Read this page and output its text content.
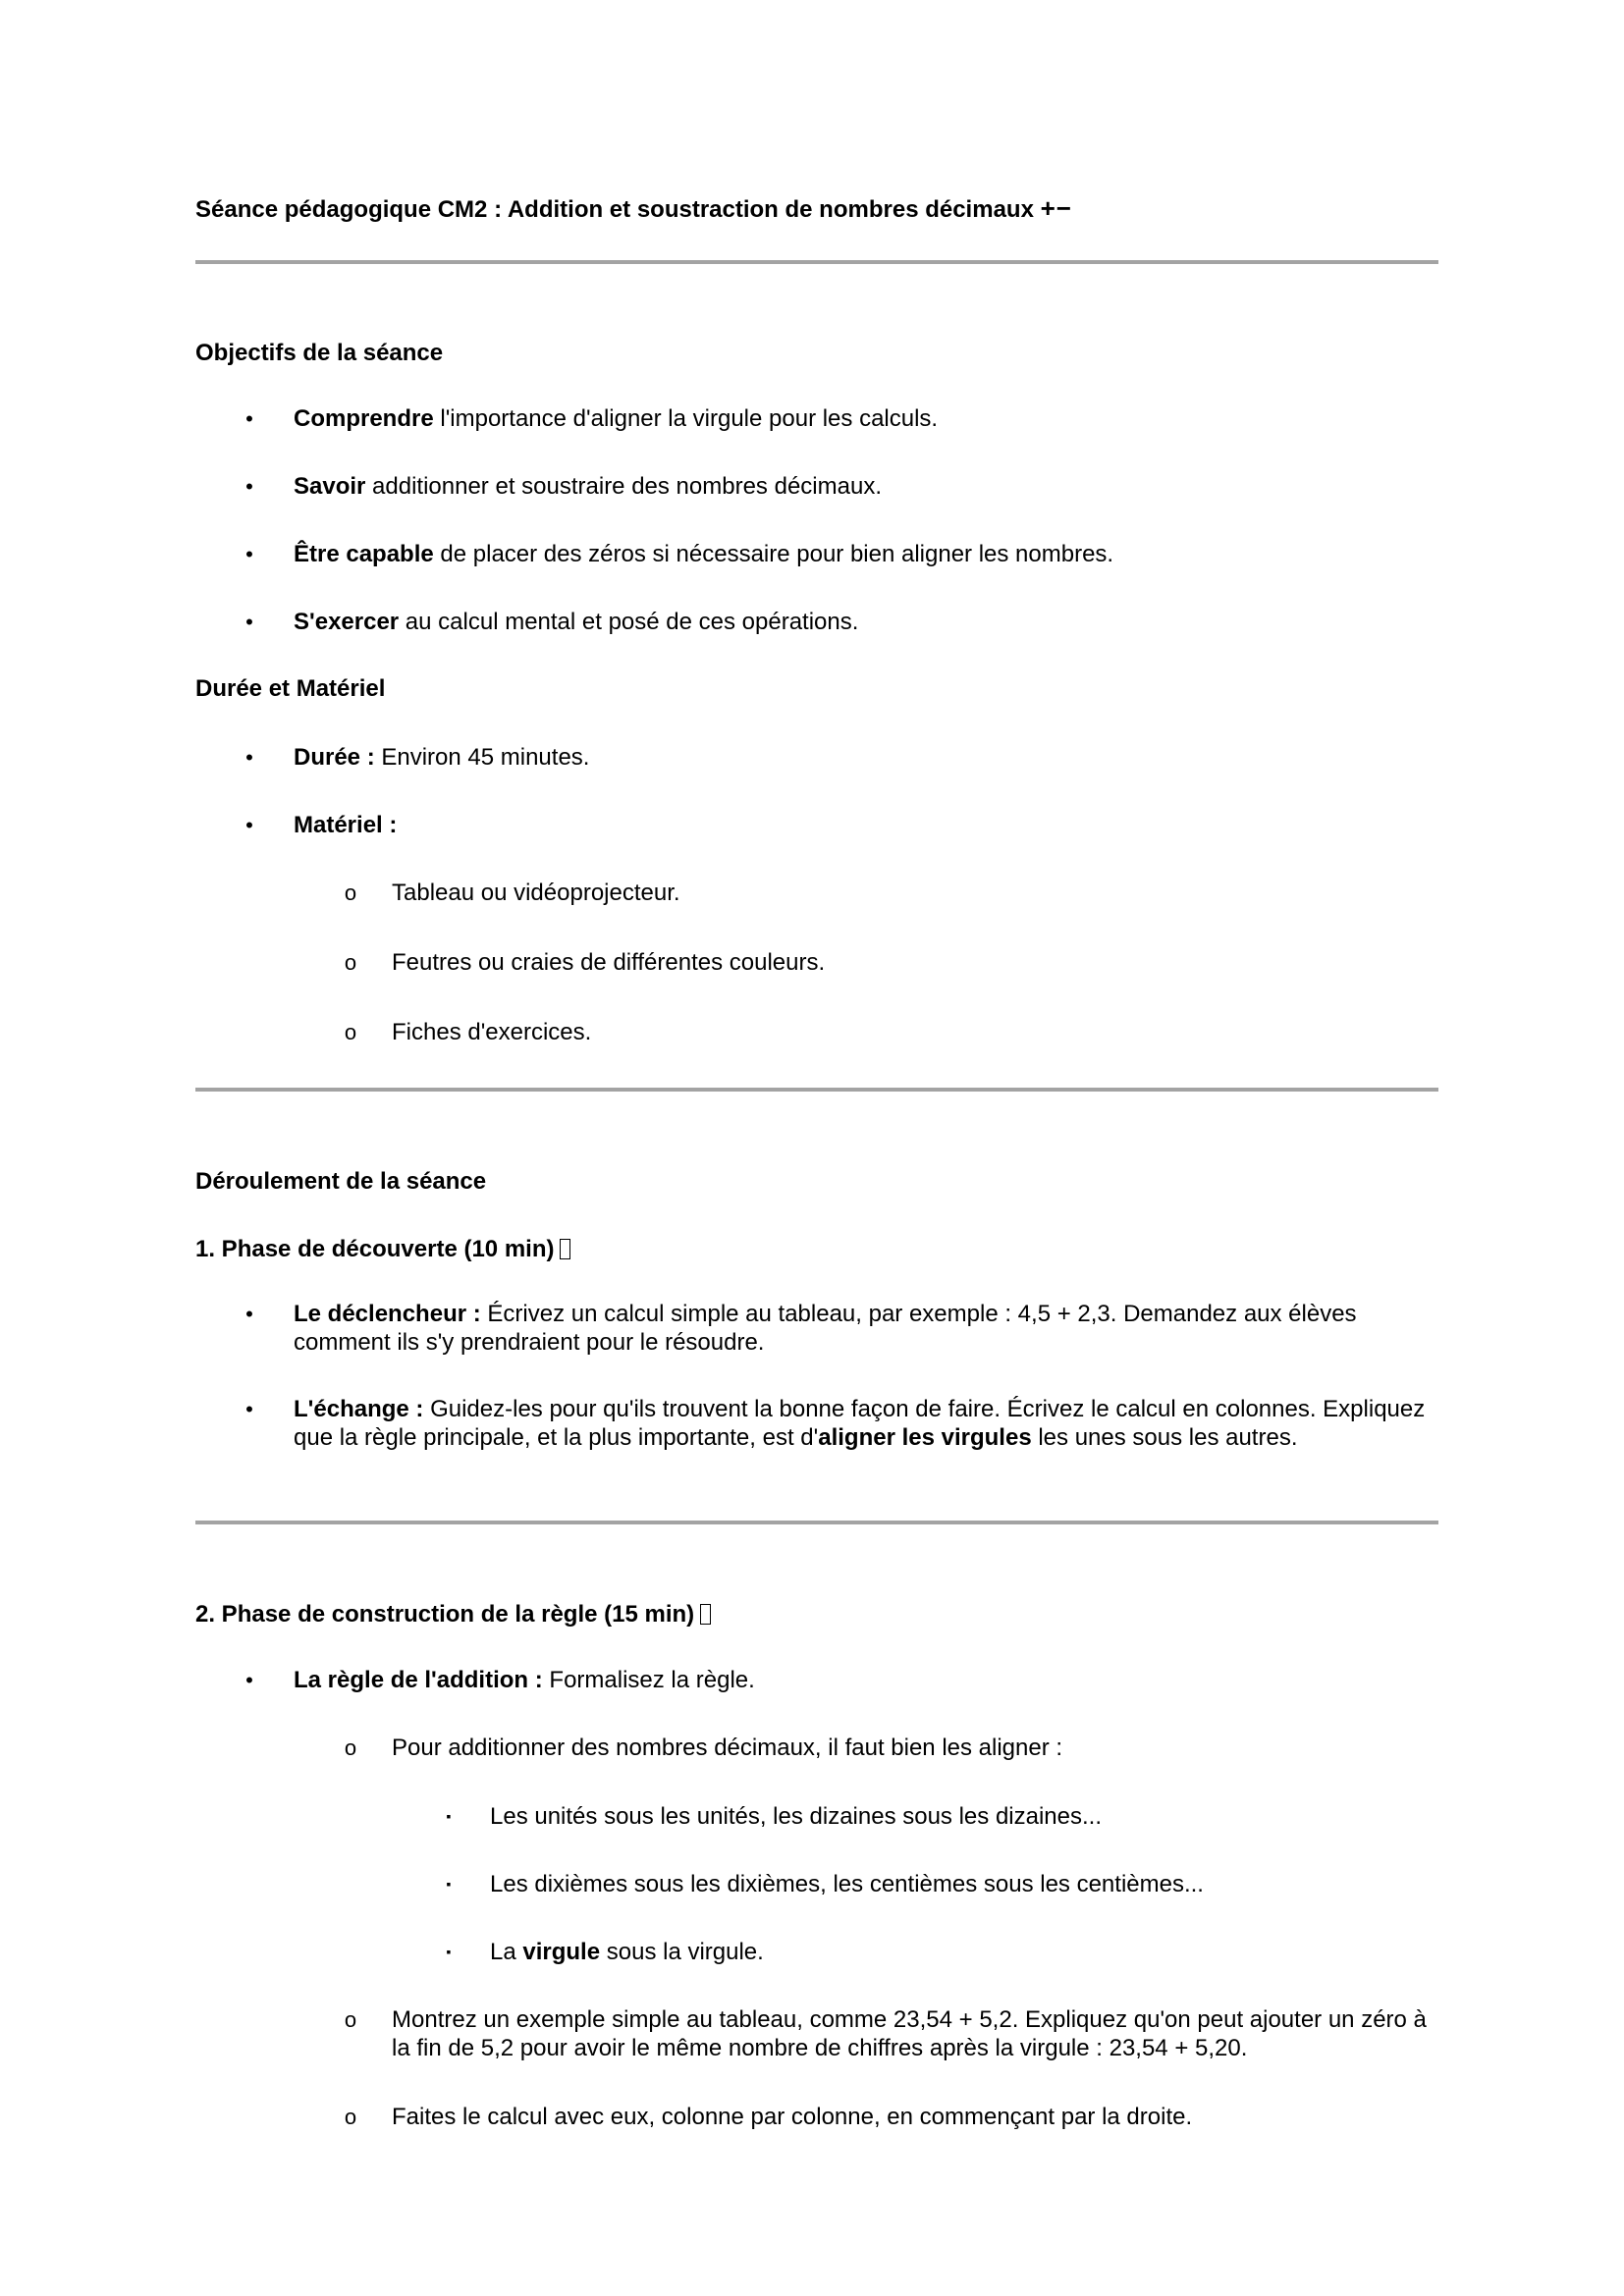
Séance pédagogique CM2 : Addition et soustraction de nombres décimaux +−
Objectifs de la séance
• Comprendre l'importance d'aligner la virgule pour les calculs.
• Savoir additionner et soustraire des nombres décimaux.
• Être capable de placer des zéros si nécessaire pour bien aligner les nombres.
• S'exercer au calcul mental et posé de ces opérations.
Durée et Matériel
• Durée : Environ 45 minutes.
• Matériel :
o Tableau ou vidéoprojecteur.
o Feutres ou craies de différentes couleurs.
o Fiches d'exercices.
Déroulement de la séance
1. Phase de découverte (10 min)
• Le déclencheur : Écrivez un calcul simple au tableau, par exemple : 4,5 + 2,3. Demandez aux élèves comment ils s'y prendraient pour le résoudre.
• L'échange : Guidez-les pour qu'ils trouvent la bonne façon de faire. Écrivez le calcul en colonnes. Expliquez que la règle principale, et la plus importante, est d'aligner les virgules les unes sous les autres.
2. Phase de construction de la règle (15 min)
• La règle de l'addition : Formalisez la règle.
o Pour additionner des nombres décimaux, il faut bien les aligner :
▪	Les unités sous les unités, les dizaines sous les dizaines...
▪	Les dixièmes sous les dixièmes, les centièmes sous les centièmes...
▪	La virgule sous la virgule.
o Montrez un exemple simple au tableau, comme 23,54 + 5,2. Expliquez qu'on peut ajouter un zéro à la fin de 5,2 pour avoir le même nombre de chiffres après la virgule : 23,54 + 5,20.
o Faites le calcul avec eux, colonne par colonne, en commençant par la droite.
